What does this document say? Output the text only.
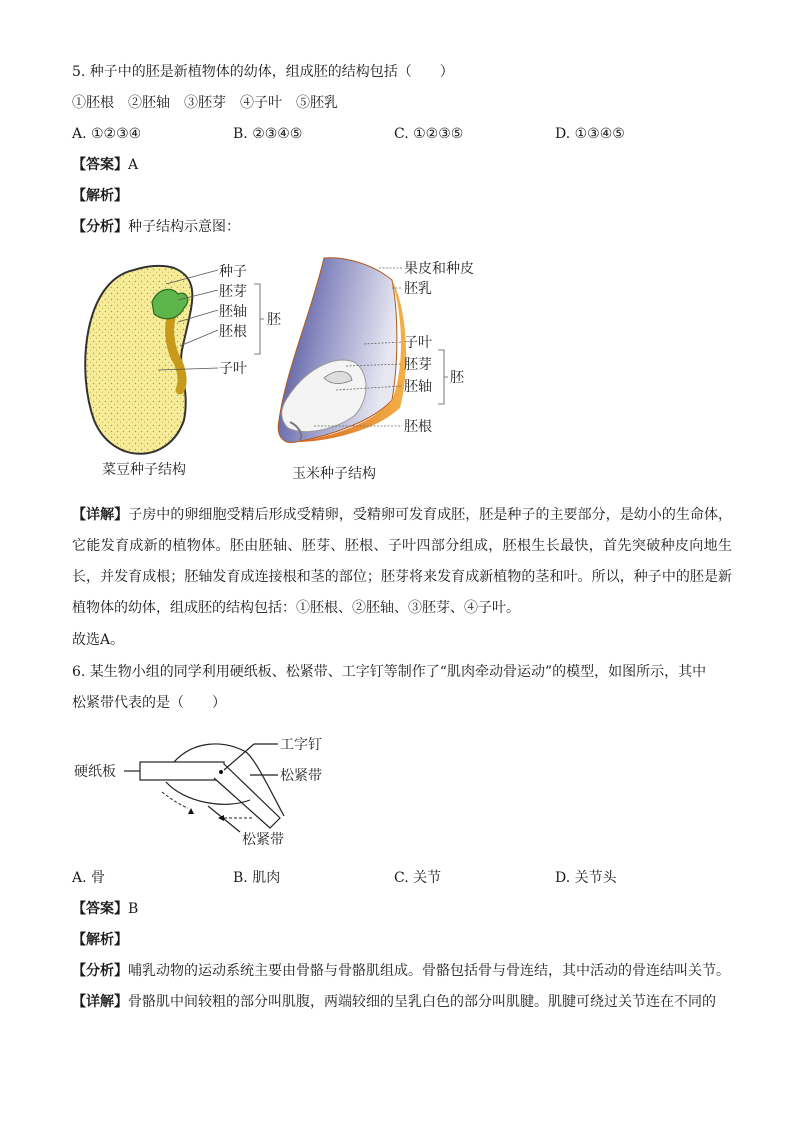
5. 种子中的胚是新植物体的幼体，组成胚的结构包括（　　）

①胚根　②胚轴　③胚芽　④子叶　⑤胚乳

A. ①②③④	B. ②③④⑤	C. ①②③⑤	D. ①③④⑤

【答案】A

【解析】

【分析】种子结构示意图：

种子
胚芽
胚轴
胚根
子叶
胚
菜豆种子结构
果皮和种皮
胚乳
子叶
胚芽
胚轴
胚根
胚
玉米种子结构

【详解】子房中的卵细胞受精后形成受精卵，受精卵可发育成胚，胚是种子的主要部分，是幼小的生命体，它能发育成新的植物体。胚由胚轴、胚芽、胚根、子叶四部分组成，胚根生长最快，首先突破种皮向地生长，并发育成根；胚轴发育成连接根和茎的部位；胚芽将来发育成新植物的茎和叶。所以，种子中的胚是新植物体的幼体，组成胚的结构包括：①胚根、②胚轴、③胚芽、④子叶。

故选A。

6. 某生物小组的同学利用硬纸板、松紧带、工字钉等制作了“肌肉牵动骨运动”的模型，如图所示，其中

松紧带代表的是（　　）

工字钉
硬纸板	松紧带
松紧带
A. 骨	B. 肌肉	C. 关节	D. 关节头

【答案】B

【解析】

【分析】哺乳动物的运动系统主要由骨骼与骨骼肌组成。骨骼包括骨与骨连结，其中活动的骨连结叫关节。

【详解】骨骼肌中间较粗的部分叫肌腹，两端较细的呈乳白色的部分叫肌腱。肌腱可绕过关节连在不同的
